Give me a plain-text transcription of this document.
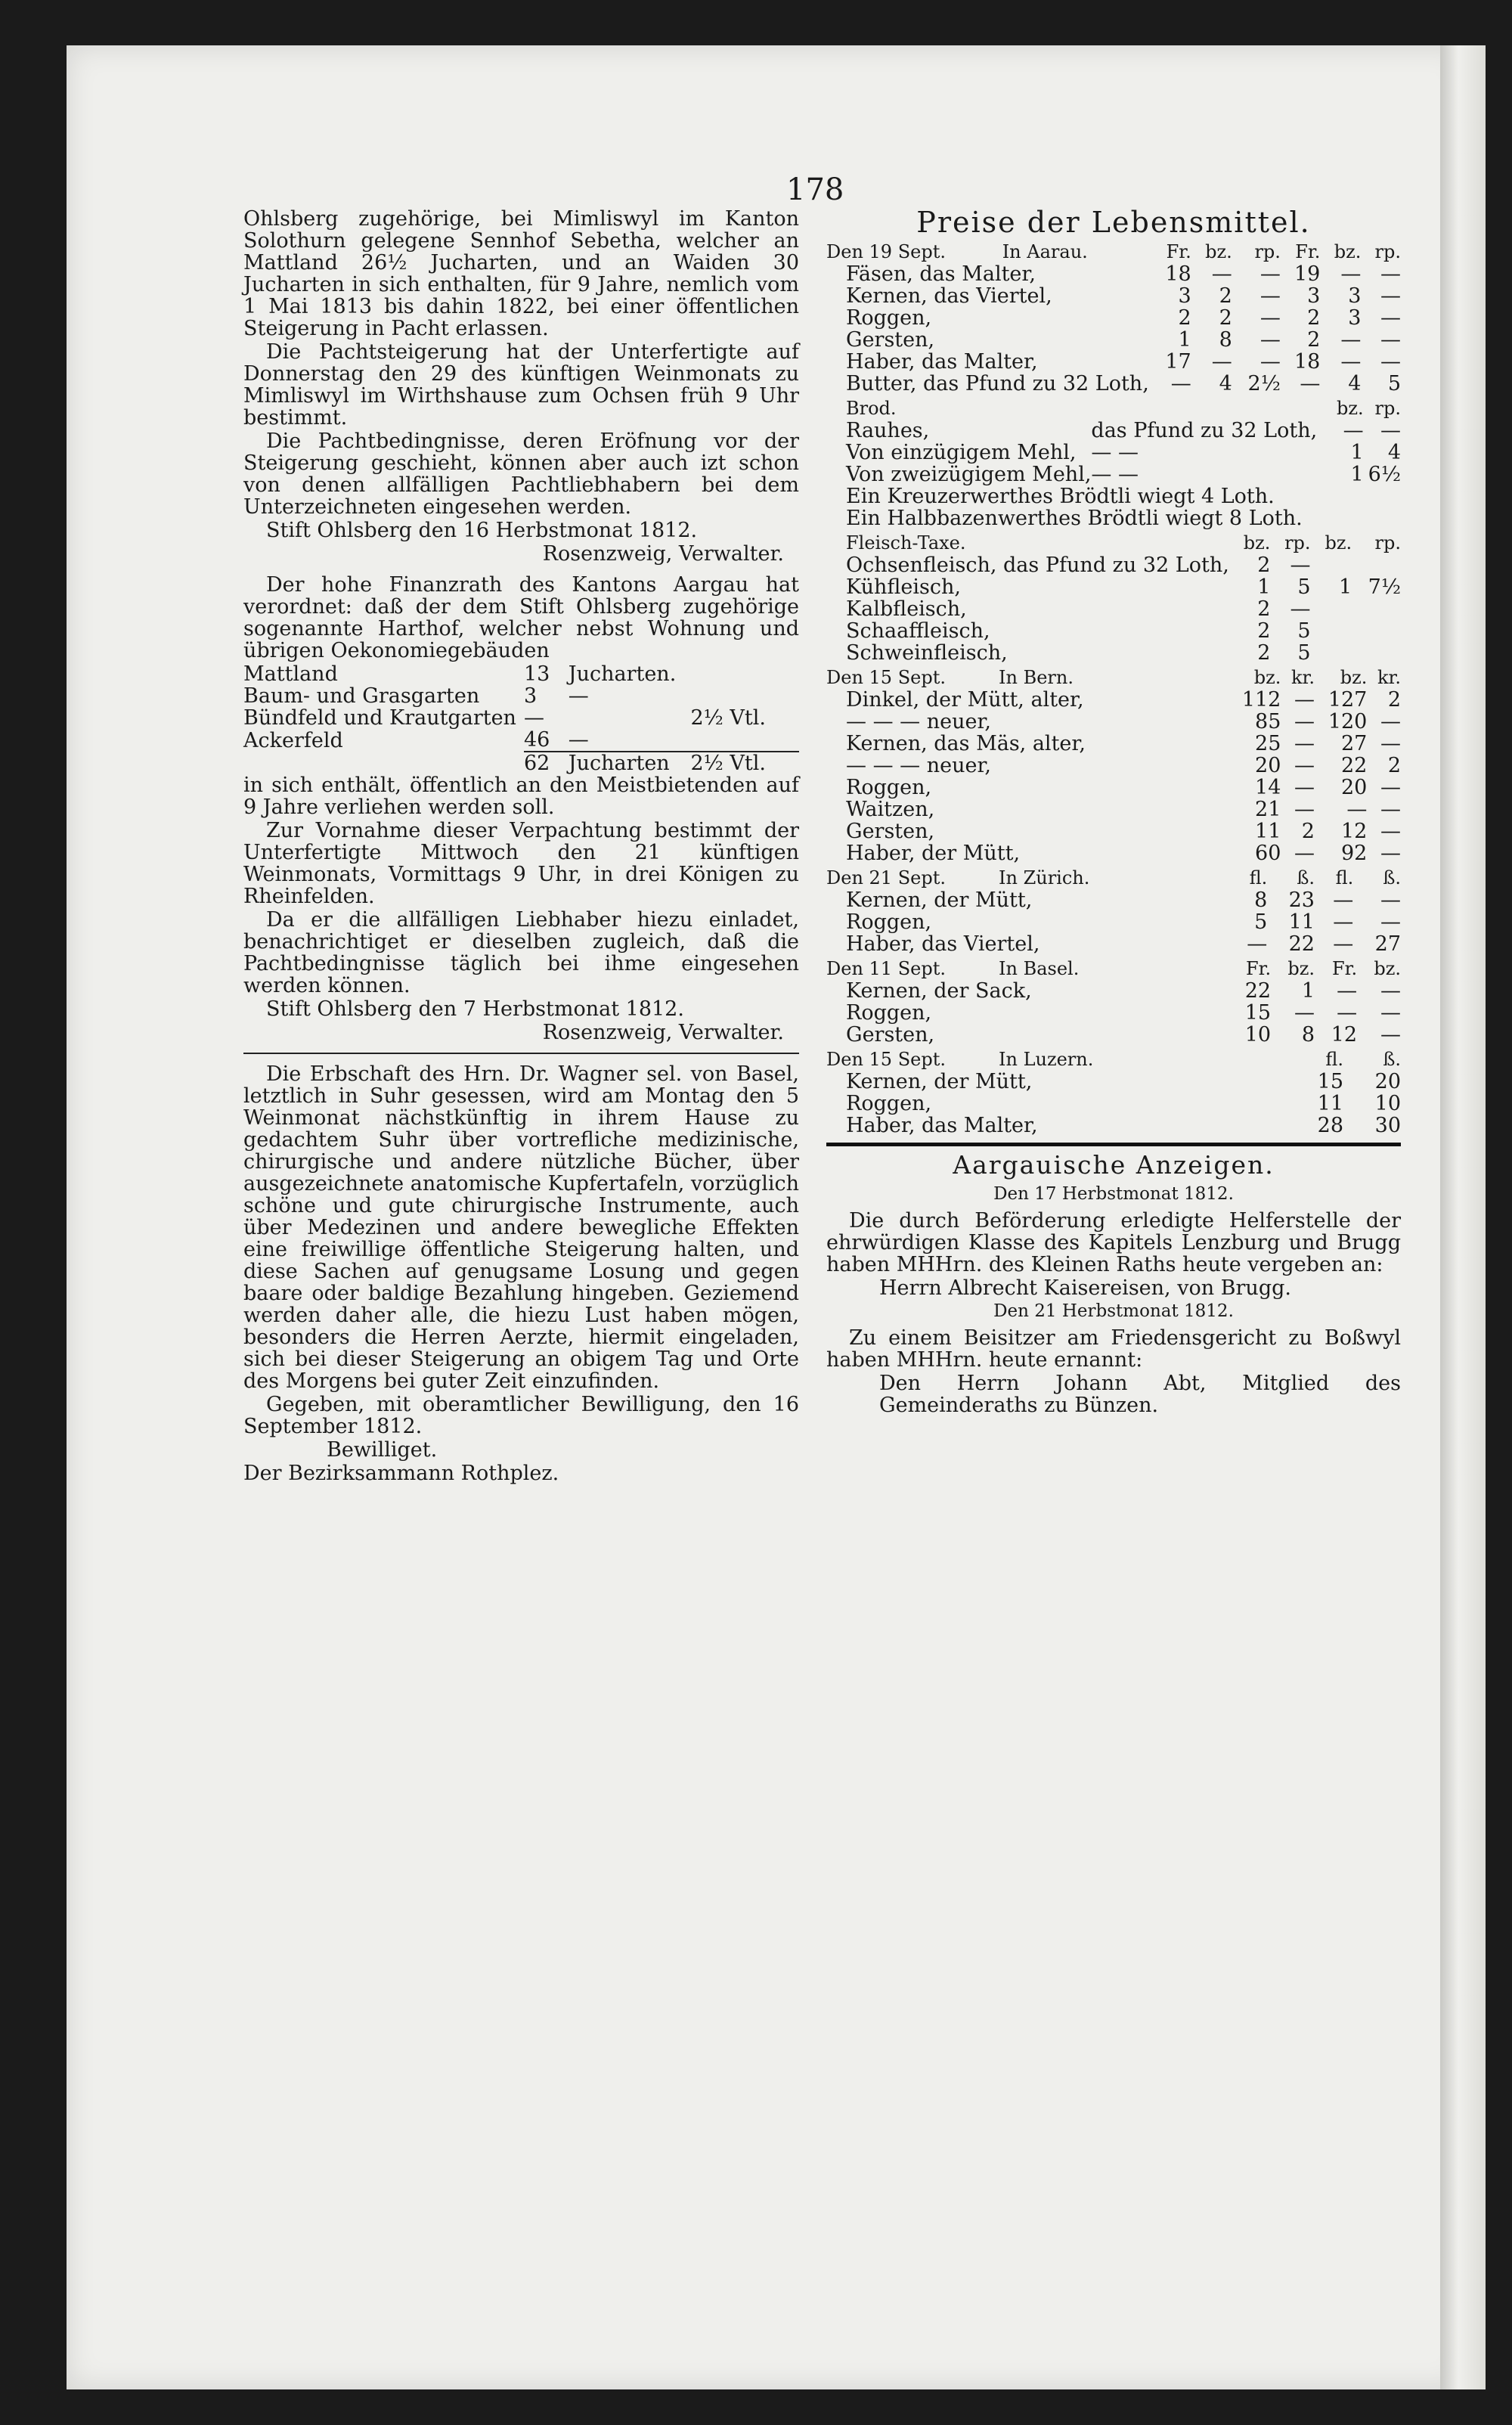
178

Ohlsberg zugehörige, bei Mimliswyl im Kanton Solothurn gelegene Sennhof Sebetha, welcher an Mattland 26½ Jucharten, und an Waiden 30 Jucharten in sich enthalten, für 9 Jahre, nemlich vom 1 Mai 1813 bis dahin 1822, bei einer öffentlichen Steigerung in Pacht erlassen.

Die Pachtsteigerung hat der Unterfertigte auf Donnerstag den 29 des künftigen Weinmonats zu Mimliswyl im Wirthshause zum Ochsen früh 9 Uhr bestimmt.

Die Pachtbedingnisse, deren Eröfnung vor der Steigerung geschieht, können aber auch izt schon von denen allfälligen Pachtliebhabern bei dem Unterzeichneten eingesehen werden.

Stift Ohlsberg den 16 Herbstmonat 1812.

Rosenzweig, Verwalter.

Der hohe Finanzrath des Kantons Aargau hat verordnet: daß der dem Stift Ohlsberg zugehörige sogenannte Harthof, welcher nebst Wohnung und übrigen Oekonomiegebäuden

Mattland	13	Jucharten.	
Baum- und Grasgarten	3	—	
Bündfeld und Krautgarten	—		2½ Vtl.
Ackerfeld	46	—	
	62	Jucharten	2½ Vtl.

in sich enthält, öffentlich an den Meistbietenden auf 9 Jahre verliehen werden soll.

Zur Vornahme dieser Verpachtung bestimmt der Unterfertigte Mittwoch den 21 künftigen Weinmonats, Vormittags 9 Uhr, in drei Königen zu Rheinfelden.

Da er die allfälligen Liebhaber hiezu einladet, benachrichtiget er dieselben zugleich, daß die Pachtbedingnisse täglich bei ihme eingesehen werden können.

Stift Ohlsberg den 7 Herbstmonat 1812.

Rosenzweig, Verwalter.

Die Erbschaft des Hrn. Dr. Wagner sel. von Basel, letztlich in Suhr gesessen, wird am Montag den 5 Weinmonat nächstkünftig in ihrem Hause zu gedachtem Suhr über vortrefliche medizinische, chirurgische und andere nützliche Bücher, über ausgezeichnete anatomische Kupfertafeln, vorzüglich schöne und gute chirurgische Instrumente, auch über Medezinen und andere bewegliche Effekten eine freiwillige öffentliche Steigerung halten, und diese Sachen auf genugsame Losung und gegen baare oder baldige Bezahlung hingeben. Geziemend werden daher alle, die hiezu Lust haben mögen, besonders die Herren Aerzte, hiermit eingeladen, sich bei dieser Steigerung an obigem Tag und Orte des Morgens bei guter Zeit einzufinden.

Gegeben, mit oberamtlicher Bewilligung, den 16 September 1812.

Bewilliget.

Der Bezirksammann Rothplez.

Preise der Lebensmittel.
Den 19 Sept.	In Aarau.	Fr.	bz.	rp.	Fr.	bz.	rp.
Fäsen, das Malter,		18	—	—	19	—	—
Kernen, das Viertel,		3	2	—	3	3	—
Roggen,		2	2	—	2	3	—
Gersten,		1	8	—	2	—	—
Haber, das Malter,		17	—	—	18	—	—
Butter, das Pfund zu 32 Loth,		—	4	2½	—	4	5
Brod.		bz.	rp.
Rauhes,	das Pfund zu 32 Loth,	—	—
Von einzügigem Mehl,	— —	1	4
Von zweizügigem Mehl,	— —	1	6½
Ein Kreuzerwerthes Brödtli wiegt 4 Loth.
Ein Halbbazenwerthes Brödtli wiegt 8 Loth.
Fleisch-Taxe.	bz.	rp.	bz.	rp.
Ochsenfleisch, das Pfund zu 32 Loth,	2	—		
Kühfleisch,	1	5	1	7½
Kalbfleisch,	2	—		
Schaaffleisch,	2	5		
Schweinfleisch,	2	5		
Den 15 Sept.	In Bern.	bz.	kr.	bz.	kr.
Dinkel, der Mütt, alter,		112	—	127	2
— — — neuer,		85	—	120	—
Kernen, das Mäs, alter,		25	—	27	—
— — — neuer,		20	—	22	2
Roggen,		14	—	20	—
Waitzen,		21	—	—	—
Gersten,		11	2	12	—
Haber, der Mütt,		60	—	92	—
Den 21 Sept.	In Zürich.	fl.	ß.	fl.	ß.
Kernen, der Mütt,		8	23	—	—
Roggen,		5	11	—	—
Haber, das Viertel,		—	22	—	27
Den 11 Sept.	In Basel.	Fr.	bz.	Fr.	bz.
Kernen, der Sack,		22	1	—	—
Roggen,		15	—	—	—
Gersten,		10	8	12	—
Den 15 Sept.	In Luzern.	fl.	ß.
Kernen, der Mütt,		15	20
Roggen,		11	10
Haber, das Malter,		28	30
Aargauische Anzeigen.
Den 17 Herbstmonat 1812.

Die durch Beförderung erledigte Helferstelle der ehrwürdigen Klasse des Kapitels Lenzburg und Brugg haben MHHrn. des Kleinen Raths heute vergeben an:

Herrn Albrecht Kaisereisen, von Brugg.

Den 21 Herbstmonat 1812.

Zu einem Beisitzer am Friedensgericht zu Boßwyl haben MHHrn. heute ernannt:

Den Herrn Johann Abt, Mitglied des Gemeinderaths zu Bünzen.
